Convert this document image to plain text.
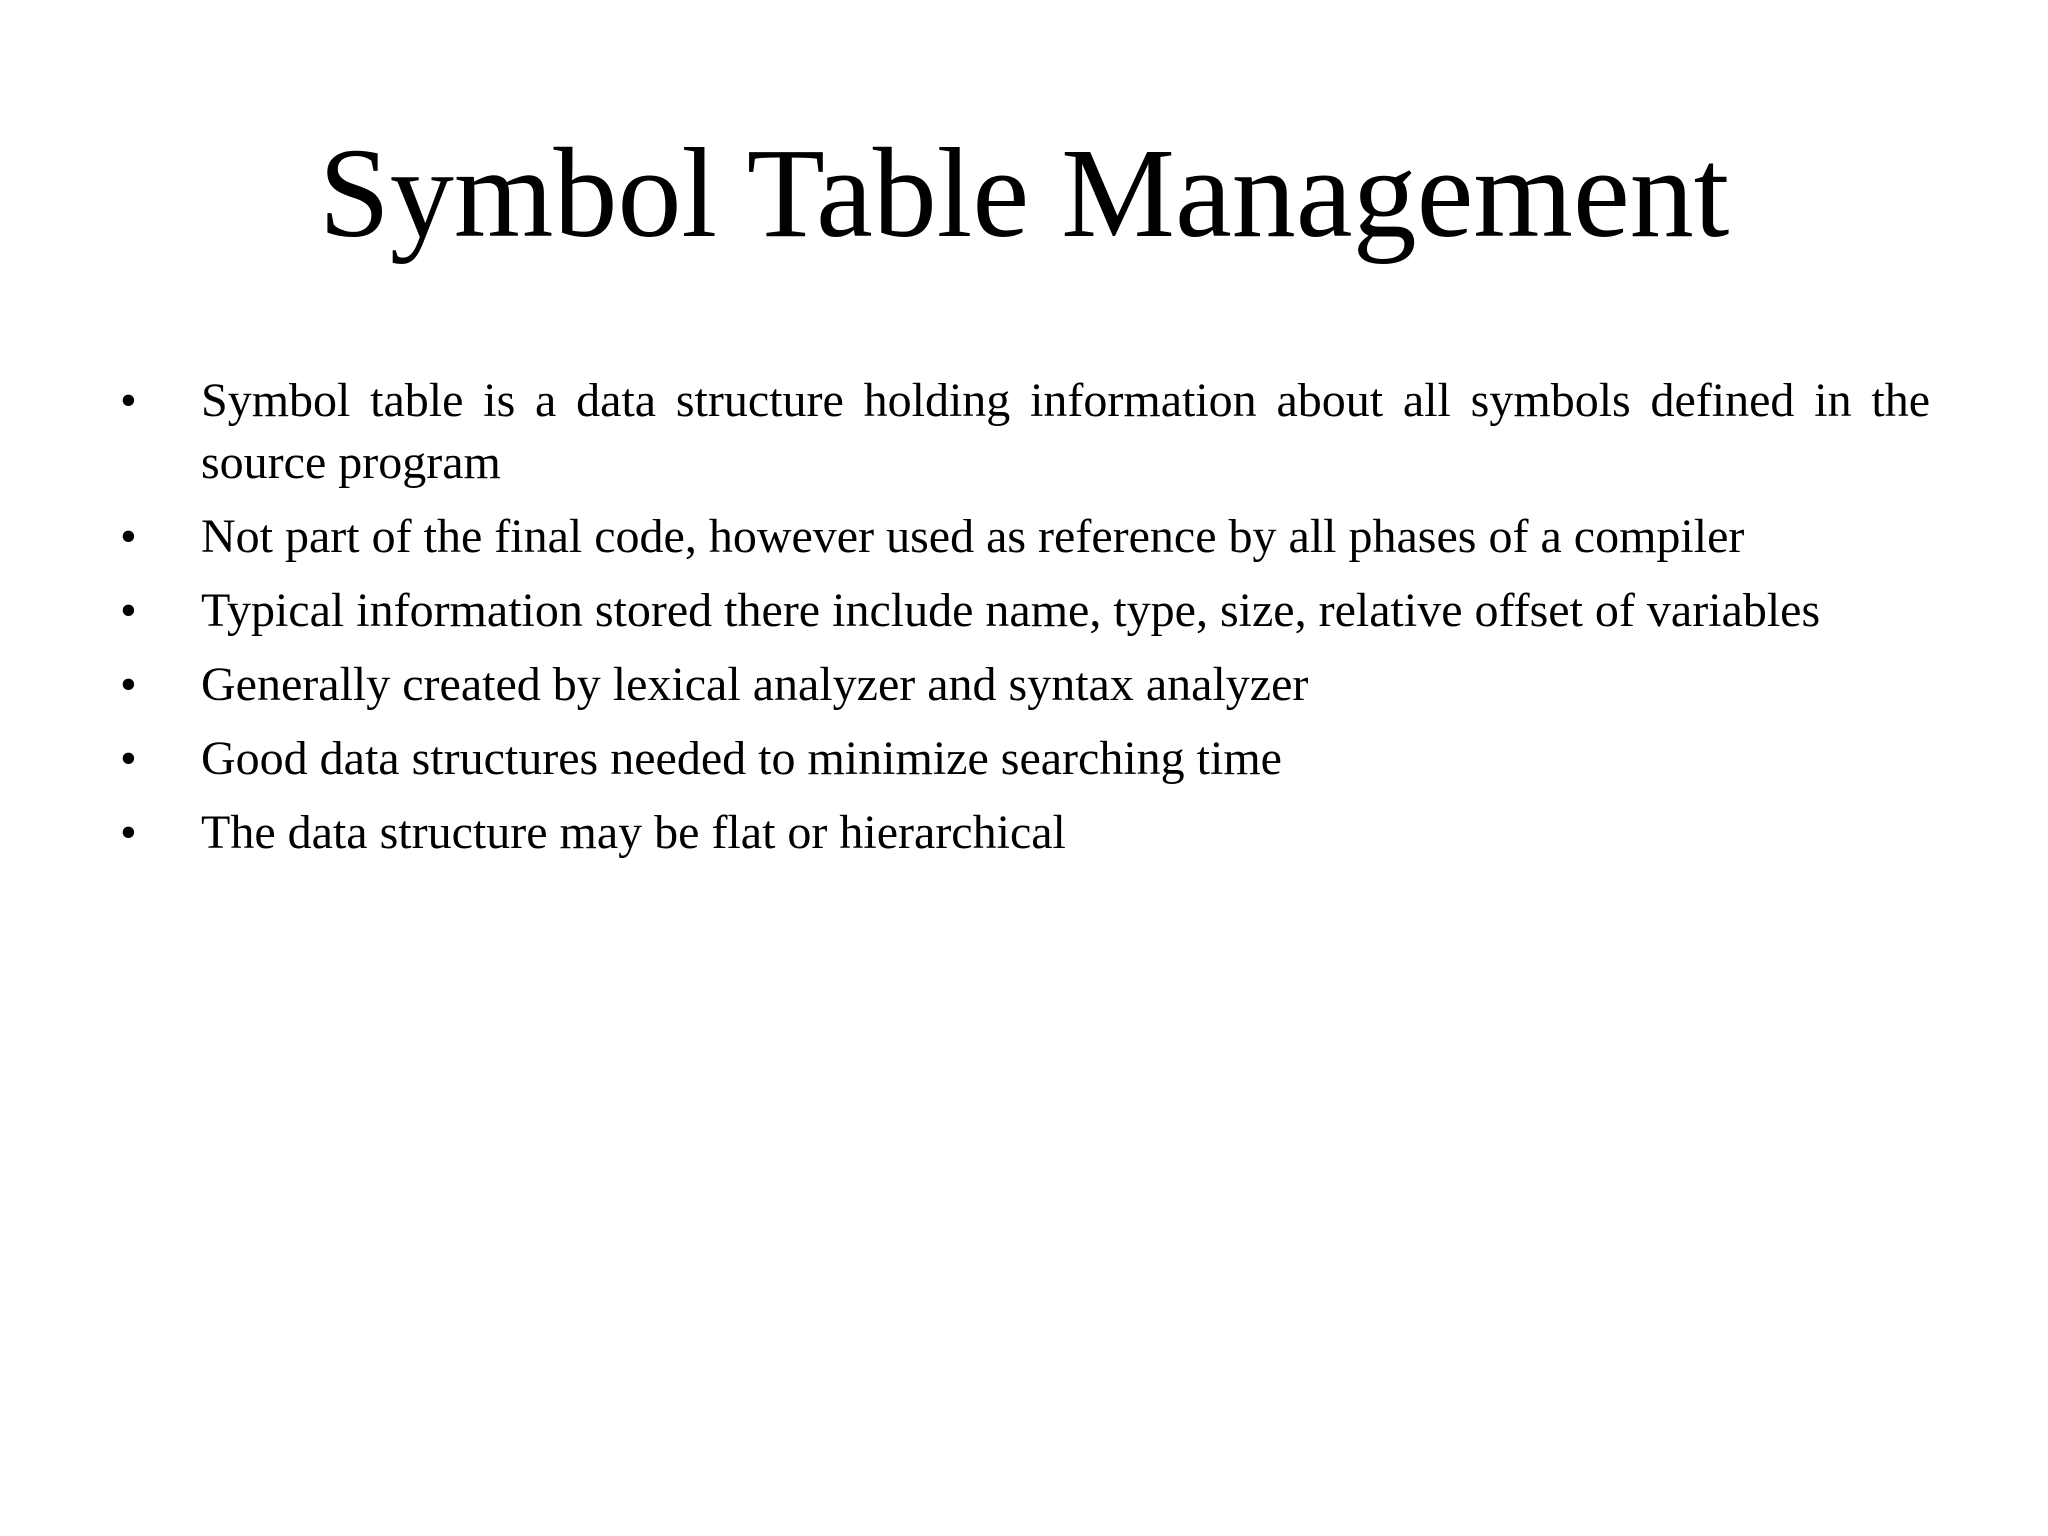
Symbol Table Management
• Symbol table is a data structure holding information about all symbols defined in the source program
• Not part of the final code, however used as reference by all phases of a compiler
• Typical information stored there include name, type, size, relative offset of variables
• Generally created by lexical analyzer and syntax analyzer
• Good data structures needed to minimize searching time
• The data structure may be flat or hierarchical
